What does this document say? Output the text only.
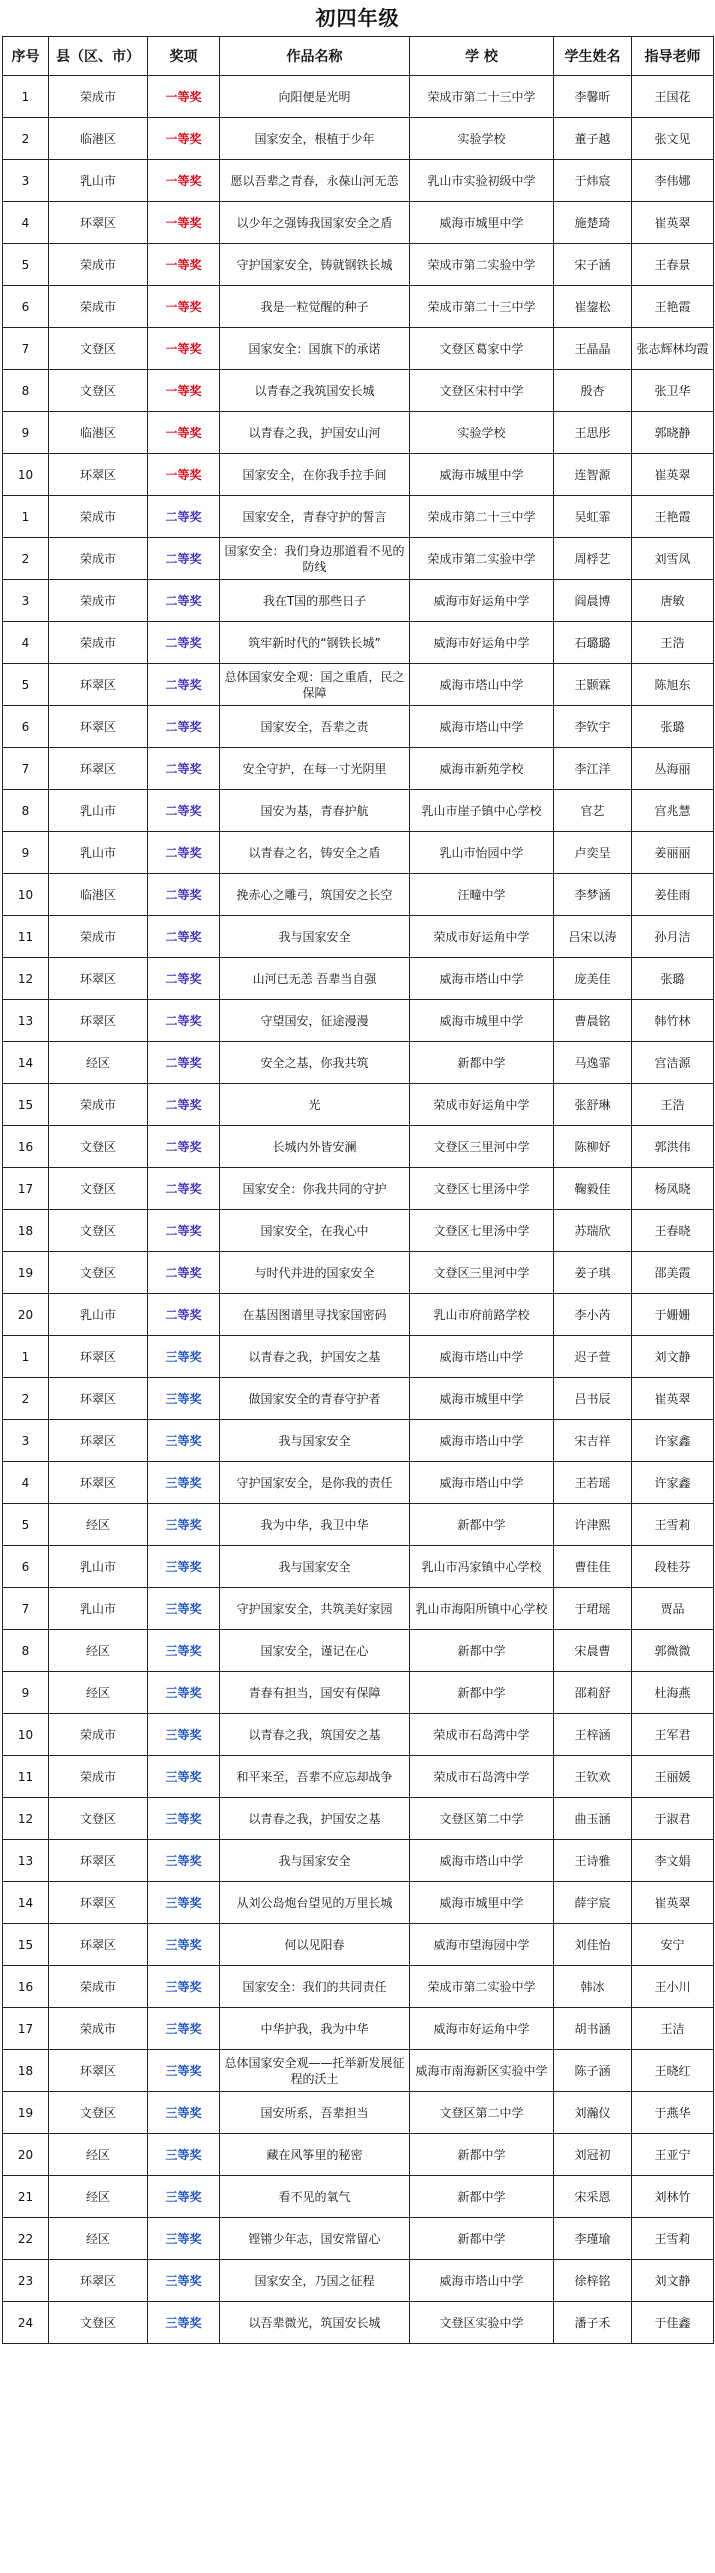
初四年级
序号	县（区、市）	奖项	作品名称	学 校	学生姓名	指导老师
1	荣成市	一等奖	向阳便是光明	荣成市第二十三中学	李馨昕	王国花
2	临港区	一等奖	国家安全，根植于少年	实验学校	董子越	张文见
3	乳山市	一等奖	愿以吾辈之青春，永葆山河无恙	乳山市实验初级中学	于炜宸	李伟娜
4	环翠区	一等奖	以少年之强铸我国家安全之盾	威海市城里中学	施楚琦	崔英翠
5	荣成市	一等奖	守护国家安全，铸就钢铁长城	荣成市第二实验中学	宋子涵	王春景
6	荣成市	一等奖	我是一粒觉醒的种子	荣成市第二十三中学	崔鋆松	王艳霞
7	文登区	一等奖	国家安全：国旗下的承诺	文登区葛家中学	王晶晶	张志辉林均霞
8	文登区	一等奖	以青春之我筑国安长城	文登区宋村中学	殷杏	张卫华
9	临港区	一等奖	以青春之我，护国安山河	实验学校	王思彤	郭晓静
10	环翠区	一等奖	国家安全，在你我手拉手间	威海市城里中学	连智源	崔英翠
1	荣成市	二等奖	国家安全，青春守护的誓言	荣成市第二十三中学	吴虹霏	王艳霞
2	荣成市	二等奖	国家安全：我们身边那道看不见的防线	荣成市第二实验中学	周桴艺	刘雪凤
3	荣成市	二等奖	我在T国的那些日子	威海市好运角中学	阎晨博	唐敏
4	荣成市	二等奖	筑牢新时代的“钢铁长城”	威海市好运角中学	石璐璐	王浩
5	环翠区	二等奖	总体国家安全观：国之重盾，民之保障	威海市塔山中学	王颢霖	陈旭东
6	环翠区	二等奖	国家安全，吾辈之责	威海市塔山中学	李钦宇	张璐
7	环翠区	二等奖	安全守护，在每一寸光阴里	威海市新苑学校	李江洋	丛海丽
8	乳山市	二等奖	国安为基，青春护航	乳山市崖子镇中心学校	官艺	宫兆慧
9	乳山市	二等奖	以青春之名，铸安全之盾	乳山市怡园中学	卢奕呈	姜丽丽
10	临港区	二等奖	挽赤心之雕弓，筑国安之长空	汪疃中学	李梦涵	姜佳雨
11	荣成市	二等奖	我与国家安全	荣成市好运角中学	吕宋以涛	孙月洁
12	环翠区	二等奖	山河已无恙 吾辈当自强	威海市塔山中学	庞美佳	张璐
13	环翠区	二等奖	守望国安，征途漫漫	威海市城里中学	曹晨铭	韩竹林
14	经区	二等奖	安全之基，你我共筑	新都中学	马逸霏	宫洁源
15	荣成市	二等奖	光	荣成市好运角中学	张舒琳	王浩
16	文登区	二等奖	长城内外皆安澜	文登区三里河中学	陈柳妤	郭洪伟
17	文登区	二等奖	国家安全：你我共同的守护	文登区七里汤中学	鞠毅佳	杨凤晓
18	文登区	二等奖	国家安全，在我心中	文登区七里汤中学	苏瑞欣	王春晓
19	文登区	二等奖	与时代并进的国家安全	文登区三里河中学	姜子琪	邵美霞
20	乳山市	二等奖	在基因图谱里寻找家国密码	乳山市府前路学校	李小芮	于姗姗
1	环翠区	三等奖	以青春之我，护国安之基	威海市塔山中学	迟子萱	刘文静
2	环翠区	三等奖	做国家安全的青春守护者	威海市城里中学	吕书辰	崔英翠
3	环翠区	三等奖	我与国家安全	威海市塔山中学	宋吉祥	许家鑫
4	环翠区	三等奖	守护国家安全，是你我的责任	威海市塔山中学	王若瑶	许家鑫
5	经区	三等奖	我为中华，我卫中华	新都中学	许津熙	王雪莉
6	乳山市	三等奖	我与国家安全	乳山市冯家镇中心学校	曹佳佳	段桂芬
7	乳山市	三等奖	守护国家安全，共筑美好家园	乳山市海阳所镇中心学校	于珺瑶	贾品
8	经区	三等奖	国家安全，谨记在心	新都中学	宋晨曹	郭微微
9	经区	三等奖	青春有担当，国安有保障	新都中学	邵莉舒	杜海燕
10	荣成市	三等奖	以青春之我，筑国安之基	荣成市石岛湾中学	王梓涵	王军君
11	荣成市	三等奖	和平来至，吾辈不应忘却战争	荣成市石岛湾中学	王钦欢	王丽媛
12	文登区	三等奖	以青春之我，护国安之基	文登区第二中学	曲玉涵	于淑君
13	环翠区	三等奖	我与国家安全	威海市塔山中学	王诗雅	李文娟
14	环翠区	三等奖	从刘公岛炮台望见的万里长城	威海市城里中学	薛宇宸	崔英翠
15	环翠区	三等奖	何以见阳春	威海市望海园中学	刘佳怡	安宁
16	荣成市	三等奖	国家安全：我们的共同责任	荣成市第二实验中学	韩冰	王小川
17	荣成市	三等奖	中华护我，我为中华	威海市好运角中学	胡书涵	王洁
18	环翠区	三等奖	总体国家安全观——托举新发展征程的沃土	威海市南海新区实验中学	陈子涵	王晓红
19	文登区	三等奖	国安所系，吾辈担当	文登区第二中学	刘瀚仪	于燕华
20	经区	三等奖	藏在风筝里的秘密	新都中学	刘冠初	王亚宁
21	经区	三等奖	看不见的氧气	新都中学	宋采恩	刘林竹
22	经区	三等奖	铿锵少年志，国安常留心	新都中学	李瑾瑜	王雪莉
23	环翠区	三等奖	国家安全，乃国之征程	威海市塔山中学	徐梓铭	刘文静
24	文登区	三等奖	以吾辈微光，筑国安长城	文登区实验中学	潘子禾	于佳鑫
